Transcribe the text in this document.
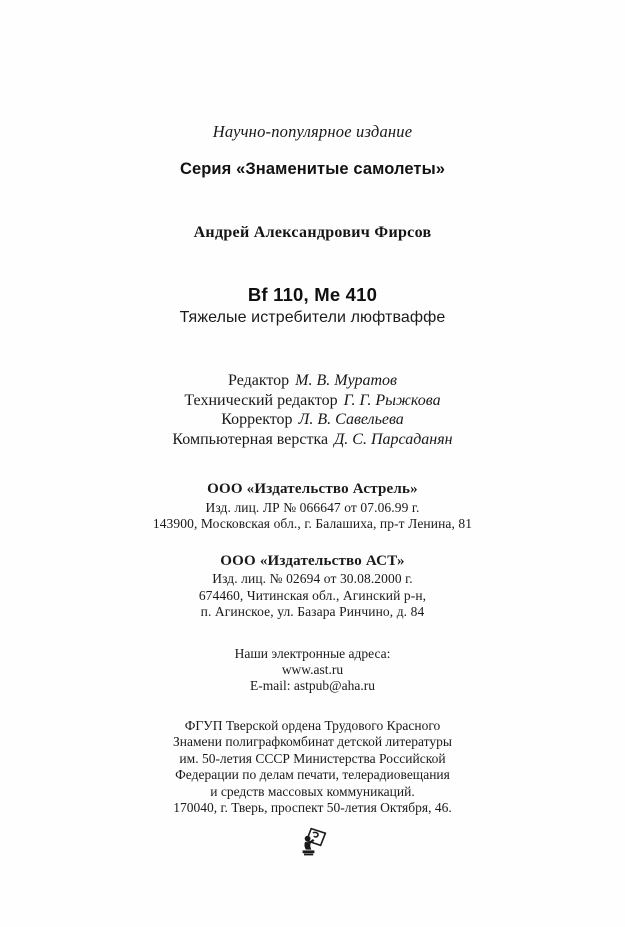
Научно-популярное издание
Серия «Знаменитые самолеты»
Андрей Александрович Фирсов
Bf 110, Me 410
Тяжелые истребители люфтваффе
Редактор М. В. Муратов
Технический редактор Г. Г. Рыжкова
Корректор Л. В. Савельева
Компьютерная верстка Д. С. Парсаданян
ООО «Издательство Астрель»
Изд. лиц. ЛР № 066647 от 07.06.99 г.
143900, Московская обл., г. Балашиха, пр-т Ленина, 81
ООО «Издательство АСТ»
Изд. лиц. № 02694 от 30.08.2000 г.
674460, Читинская обл., Агинский р-н,
п. Агинское, ул. Базара Ринчино, д. 84
Наши электронные адреса:
www.ast.ru
E-mail: astpub@aha.ru
ФГУП Тверской ордена Трудового Красного
Знамени полиграфкомбинат детской литературы
им. 50-летия СССР Министерства Российской
Федерации по делам печати, телерадиовещания
и средств массовых коммуникаций.
170040, г. Тверь, проспект 50-летия Октября, 46.
